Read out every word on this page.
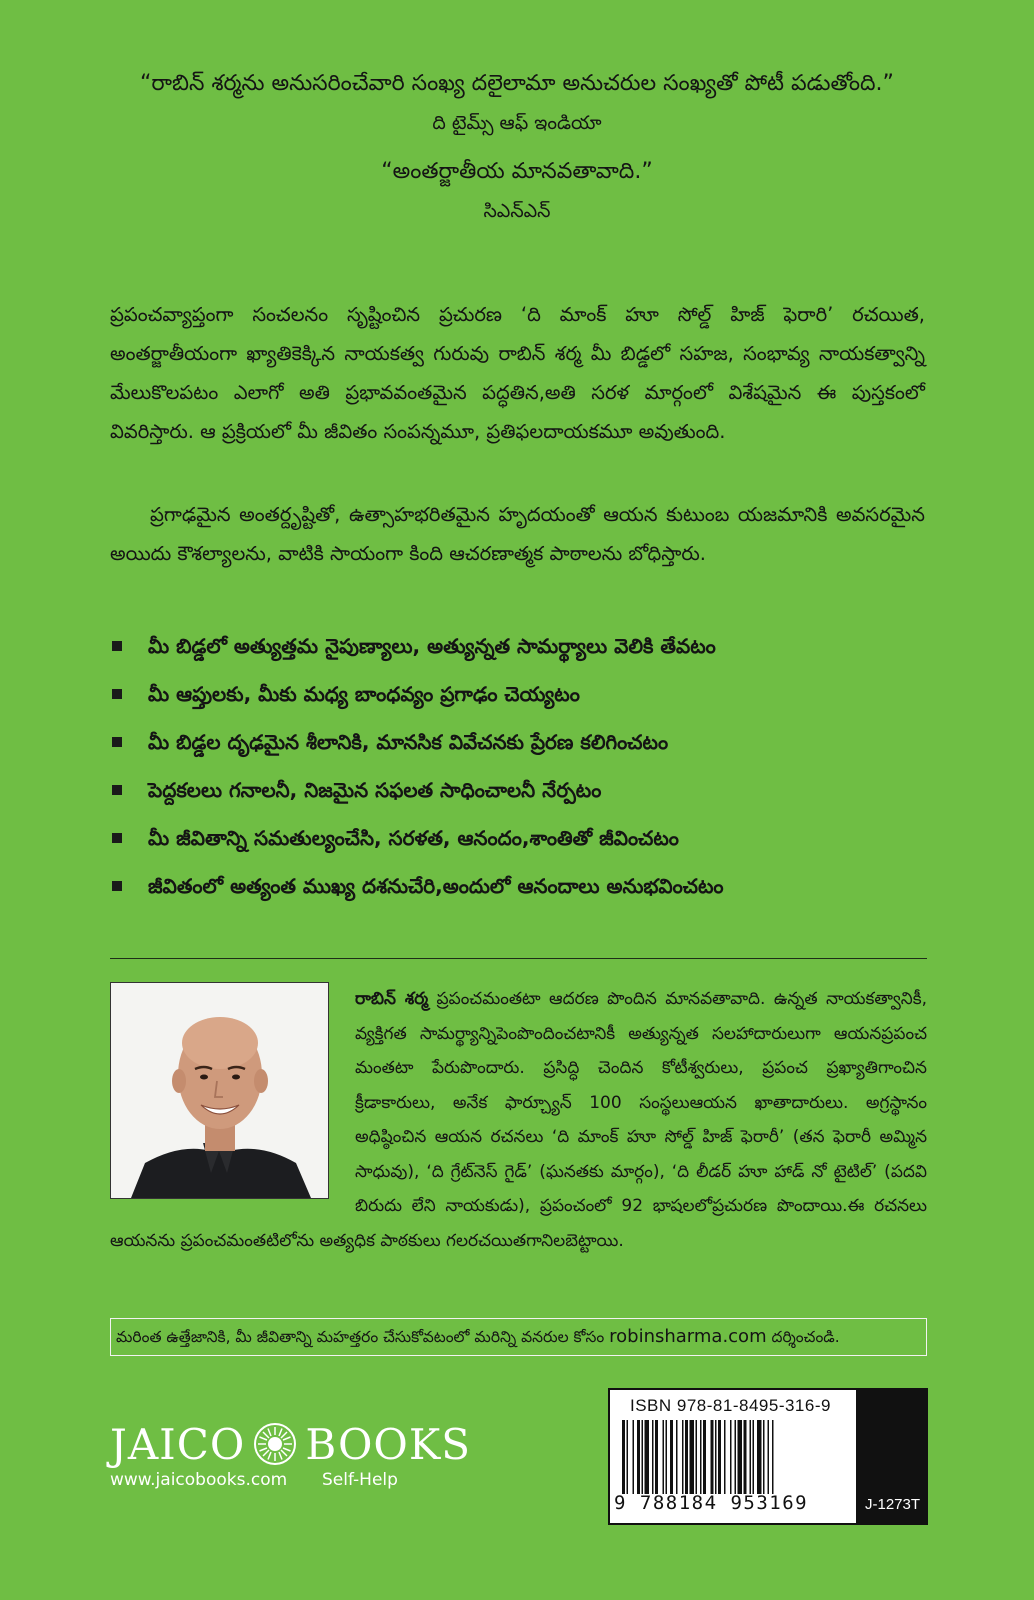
“రాబిన్ శర్మను అనుసరించేవారి సంఖ్య దలైలామా అనుచరుల సంఖ్యతో పోటీ పడుతోంది.”
ది టైమ్స్ ఆఫ్ ఇండియా
“అంతర్జాతీయ మానవతావాది.”
సిఎన్ఎన్
ప్రపంచవ్యాప్తంగా సంచలనం సృష్టించిన ప్రచురణ ‘ది మాంక్ హూ సోల్డ్ హిజ్ ఫెరారి’ రచయిత, అంతర్జాతీయంగా ఖ్యాతికెక్కిన నాయకత్వ గురువు రాబిన్ శర్మ మీ బిడ్డలో సహజ, సంభావ్య నాయకత్వాన్ని మేలుకొలపటం ఎలాగో అతి ప్రభావవంతమైన పద్ధతిన,అతి సరళ మార్గంలో విశేషమైన ఈ పుస్తకంలో వివరిస్తారు. ఆ ప్రక్రియలో మీ జీవితం సంపన్నమూ, ప్రతిఫలదాయకమూ అవుతుంది.
ప్రగాఢమైన అంతర్దృష్టితో, ఉత్సాహభరితమైన హృదయంతో ఆయన కుటుంబ యజమానికి అవసరమైన అయిదు కౌశల్యాలను, వాటికి సాయంగా కింది ఆచరణాత్మక పాఠాలను బోధిస్తారు.
మీ బిడ్డలో అత్యుత్తమ నైపుణ్యాలు, అత్యున్నత సామర్థ్యాలు వెలికి తేవటం
మీ ఆప్తులకు, మీకు మధ్య బాంధవ్యం ప్రగాఢం చెయ్యటం
మీ బిడ్డల దృఢమైన శీలానికి, మానసిక వివేచనకు ప్రేరణ కలిగించటం
పెద్దకలలు గనాలనీ, నిజమైన సఫలత సాధించాలనీ నేర్పటం
మీ జీవితాన్ని సమతుల్యంచేసి, సరళత, ఆనందం,శాంతితో జీవించటం
జీవితంలో అత్యంత ముఖ్య దశనుచేరి,అందులో ఆనందాలు అనుభవించటం
రాబిన్ శర్మ ప్రపంచమంతటా ఆదరణ పొందిన మానవతావాది. ఉన్నత నాయకత్వానికీ, వ్యక్తిగత సామర్థ్యాన్నిపెంపొందించటానికీ అత్యున్నత సలహాదారులుగా ఆయనప్రపంచ మంతటా పేరుపొందారు. ప్రసిద్ధి చెందిన కోటీశ్వరులు, ప్రపంచ ప్రఖ్యాతిగాంచిన క్రీడాకారులు, అనేక ఫార్చ్యూన్ 100 సంస్థలుఆయన ఖాతాదారులు. అగ్రస్థానం అధిష్ఠించిన ఆయన రచనలు ‘ది మాంక్ హూ సోల్డ్ హిజ్ ఫెరారీ’ (తన ఫెరారీ అమ్మిన సాధువు), ‘ది గ్రేట్‌నెస్ గైడ్’ (ఘనతకు మార్గం), ‘ది లీడర్ హూ హాడ్ నో టైటిల్’ (పదవి బిరుదు లేని నాయకుడు), ప్రపంచంలో 92 భాషలలోప్రచురణ పొందాయి.ఈ రచనలు ఆయనను ప్రపంచమంతటిలోను అత్యధిక పాఠకులు గలరచయితగానిలబెట్టాయి.
మరింత ఉత్తేజానికి, మీ జీవితాన్ని మహత్తరం చేసుకోవటంలో మరిన్ని వనరుల కోసం robinsharma.com దర్శించండి.
JAICO BOOKS
www.jaicobooks.com Self-Help
ISBN 978-81-8495-316-9
9 788184 953169	J-1273T
